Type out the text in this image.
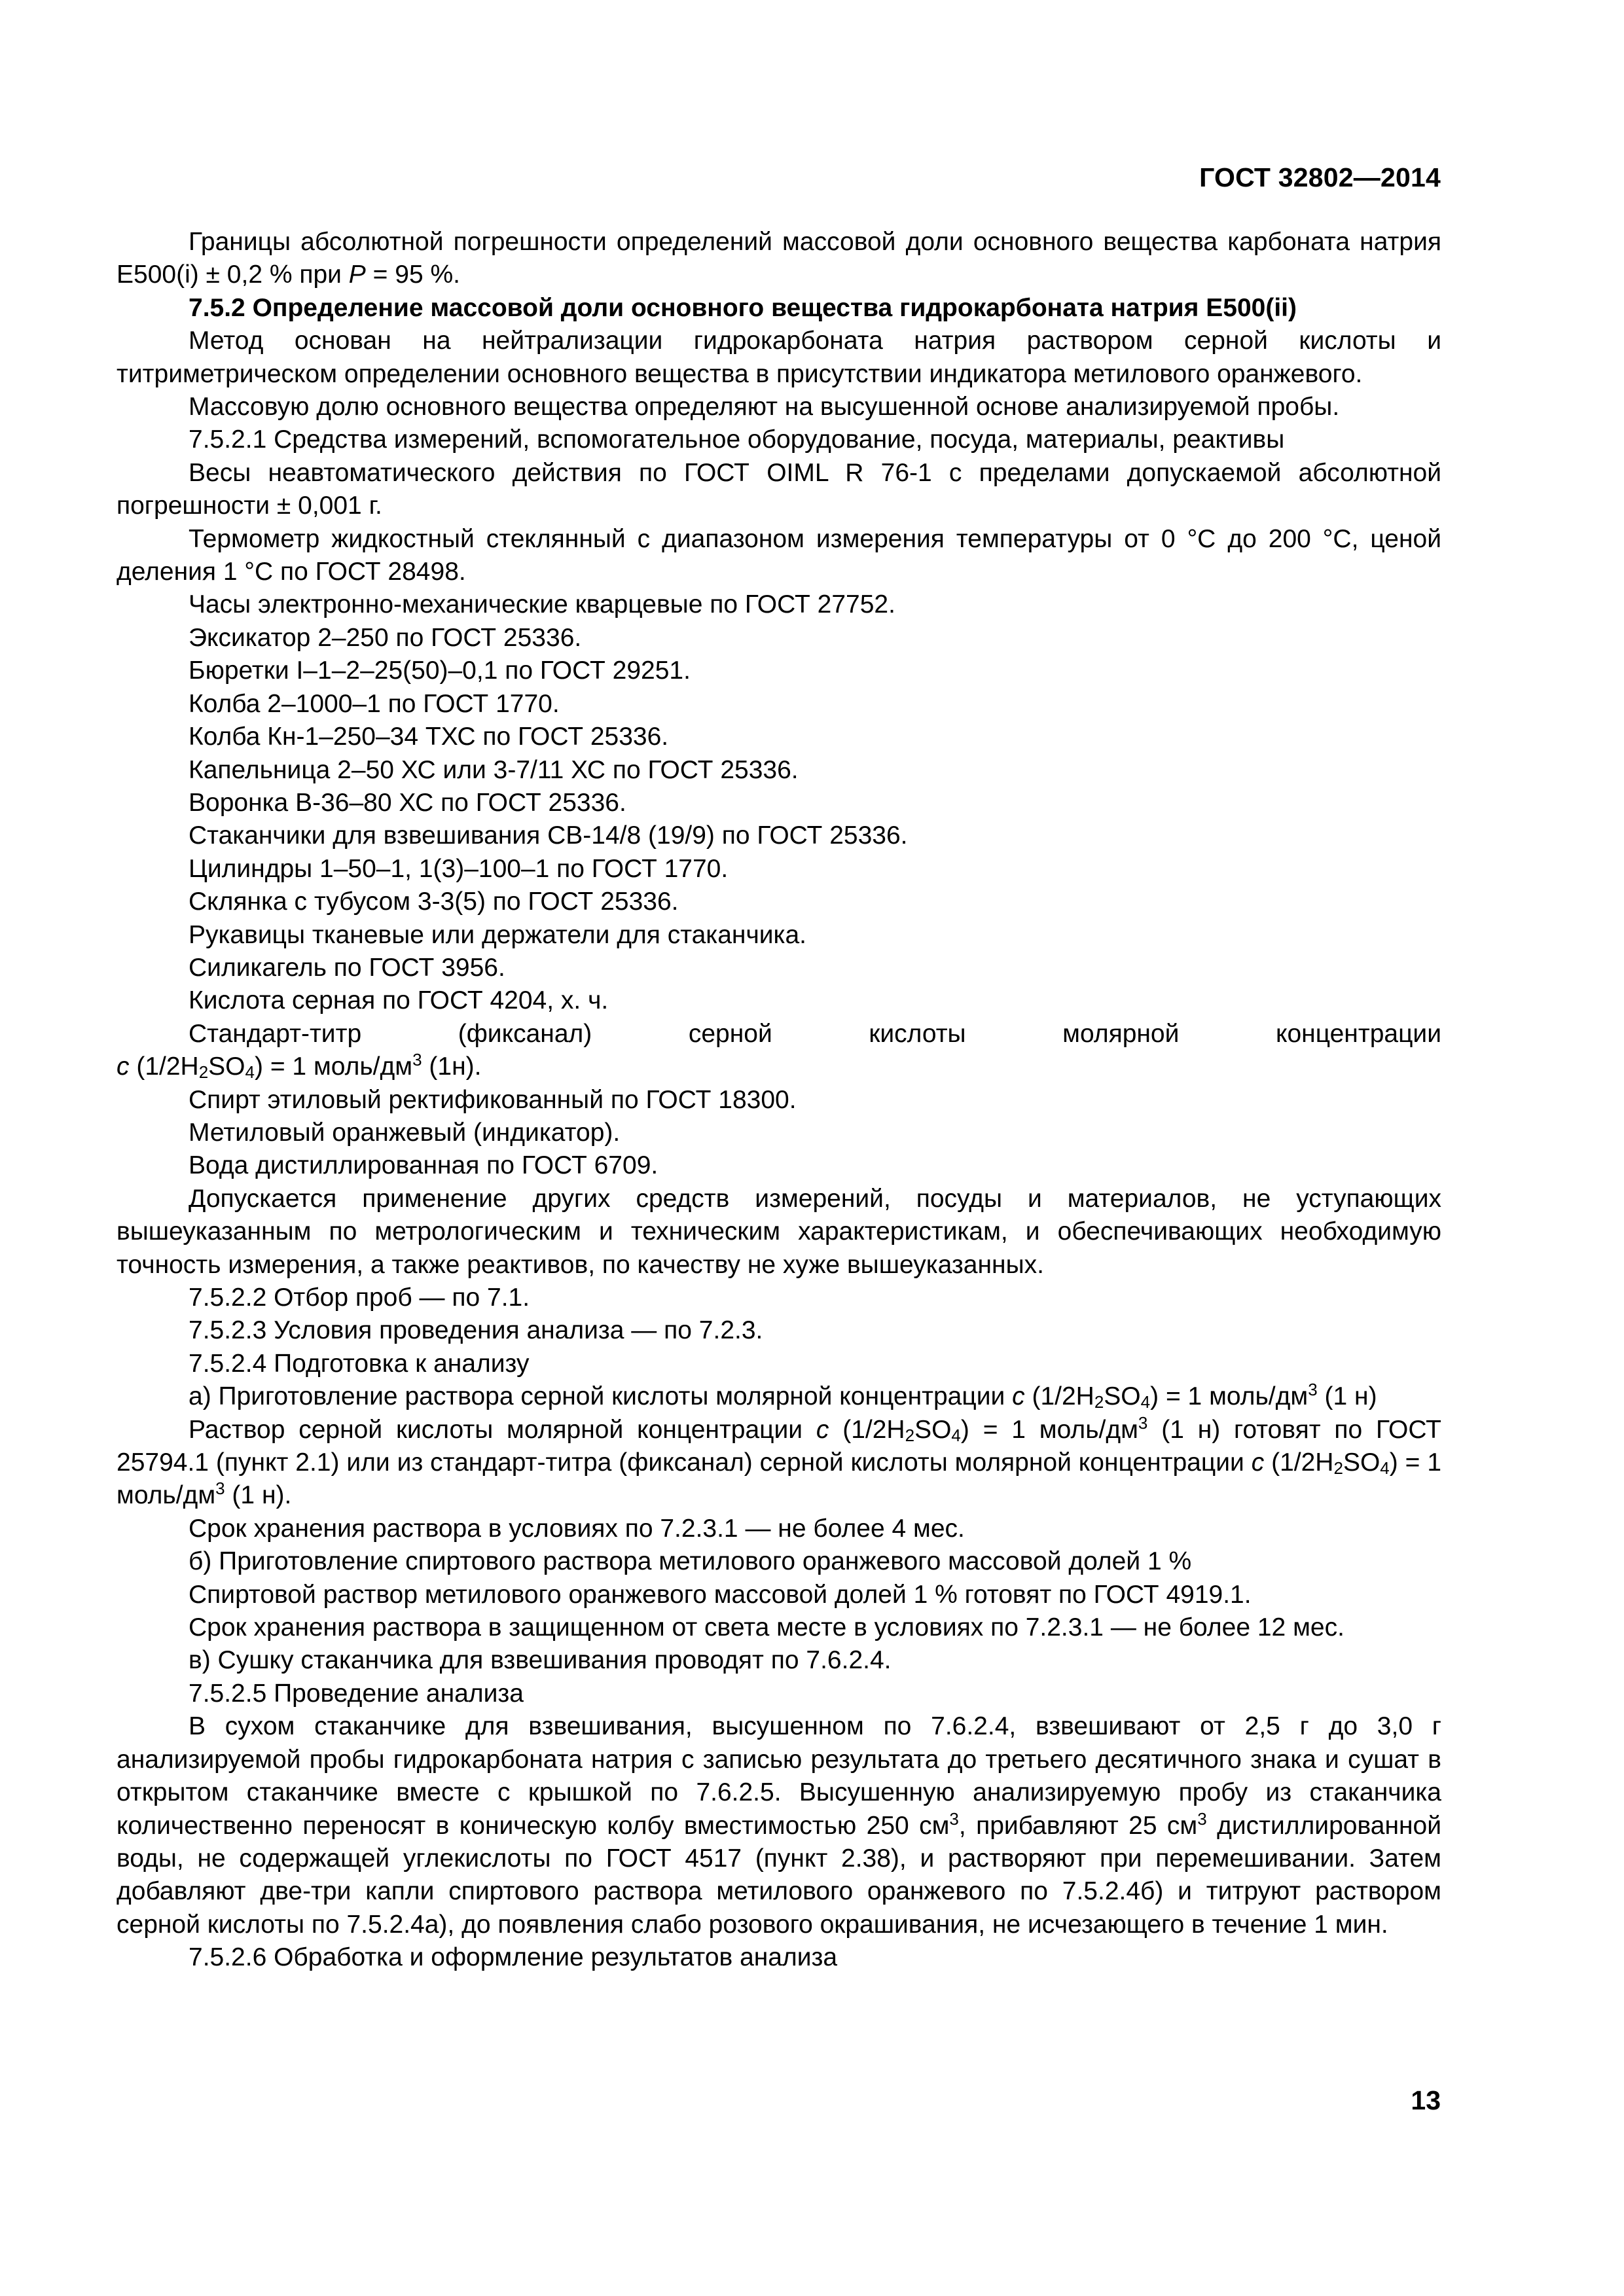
ГОСТ 32802—2014

Границы абсолютной погрешности определений массовой доли основного вещества карбоната натрия Е500(i) ± 0,2 % при P = 95 %.

7.5.2 Определение массовой доли основного вещества гидрокарбоната натрия Е500(ii)

Метод основан на нейтрализации гидрокарбоната натрия раствором серной кислоты и титриметрическом определении основного вещества в присутствии индикатора метилового оранжевого.

Массовую долю основного вещества определяют на высушенной основе анализируемой пробы.

7.5.2.1 Средства измерений, вспомогательное оборудование, посуда, материалы, реактивы

Весы неавтоматического действия по ГОСТ OIML R 76-1 с пределами допускаемой абсолютной погрешности ± 0,001 г.

Термометр жидкостный стеклянный с диапазоном измерения температуры от 0 °С до 200 °С, ценой деления 1 °С по ГОСТ 28498.

Часы электронно-механические кварцевые по ГОСТ 27752.

Эксикатор 2–250 по ГОСТ 25336.

Бюретки I–1–2–25(50)–0,1 по ГОСТ 29251.

Колба 2–1000–1 по ГОСТ 1770.

Колба Кн-1–250–34 ТХС по ГОСТ 25336.

Капельница 2–50 ХС или 3-7/11 ХС по ГОСТ 25336.

Воронка В-36–80 ХС по ГОСТ 25336.

Стаканчики для взвешивания СВ-14/8 (19/9) по ГОСТ 25336.

Цилиндры 1–50–1, 1(3)–100–1 по ГОСТ 1770.

Склянка с тубусом 3-3(5) по ГОСТ 25336.

Рукавицы тканевые или держатели для стаканчика.

Силикагель по ГОСТ 3956.

Кислота серная по ГОСТ 4204, х. ч.

Стандарт-титр (фиксанал) серной кислоты молярной концентрации

c $(1/2H_2SO_4) = 1$ моль/$дм^3$ (1н).

Спирт этиловый ректификованный по ГОСТ 18300.

Метиловый оранжевый (индикатор).

Вода дистиллированная по ГОСТ 6709.

Допускается применение других средств измерений, посуды и материалов, не уступающих вышеуказанным по метрологическим и техническим характеристикам, и обеспечивающих необходимую точность измерения, а также реактивов, по качеству не хуже вышеуказанных.

7.5.2.2 Отбор проб — по 7.1.

7.5.2.3 Условия проведения анализа — по 7.2.3.

7.5.2.4 Подготовка к анализу

а) Приготовление раствора серной кислоты молярной концентрации c $(1/2H_2SO_4) = 1$ моль/$дм^3$ (1 н)

Раствор серной кислоты молярной концентрации c $(1/2H_2SO_4) = 1$ моль/$дм^3$ (1 н) готовят по ГОСТ 25794.1 (пункт 2.1) или из стандарт-титра (фиксанал) серной кислоты молярной концентрации c $(1/2H_2SO_4) = 1$ моль/$дм^3$ (1 н).

Срок хранения раствора в условиях по 7.2.3.1 — не более 4 мес.

б) Приготовление спиртового раствора метилового оранжевого массовой долей 1 %

Спиртовой раствор метилового оранжевого массовой долей 1 % готовят по ГОСТ 4919.1.

Срок хранения раствора в защищенном от света месте в условиях по 7.2.3.1 — не более 12 мес.

в) Сушку стаканчика для взвешивания проводят по 7.6.2.4.

7.5.2.5 Проведение анализа

В сухом стаканчике для взвешивания, высушенном по 7.6.2.4, взвешивают от 2,5 г до 3,0 г анализируемой пробы гидрокарбоната натрия с записью результата до третьего десятичного знака и сушат в открытом стаканчике вместе с крышкой по 7.6.2.5. Высушенную анализируемую пробу из стаканчика количественно переносят в коническую колбу вместимостью 250 $см^3$, прибавляют 25 $см^3$ дистиллированной воды, не содержащей углекислоты по ГОСТ 4517 (пункт 2.38), и растворяют при перемешивании. Затем добавляют две-три капли спиртового раствора метилового оранжевого по 7.5.2.4б) и титруют раствором серной кислоты по 7.5.2.4а), до появления слабо розового окрашивания, не исчезающего в течение 1 мин.

7.5.2.6 Обработка и оформление результатов анализа

13
